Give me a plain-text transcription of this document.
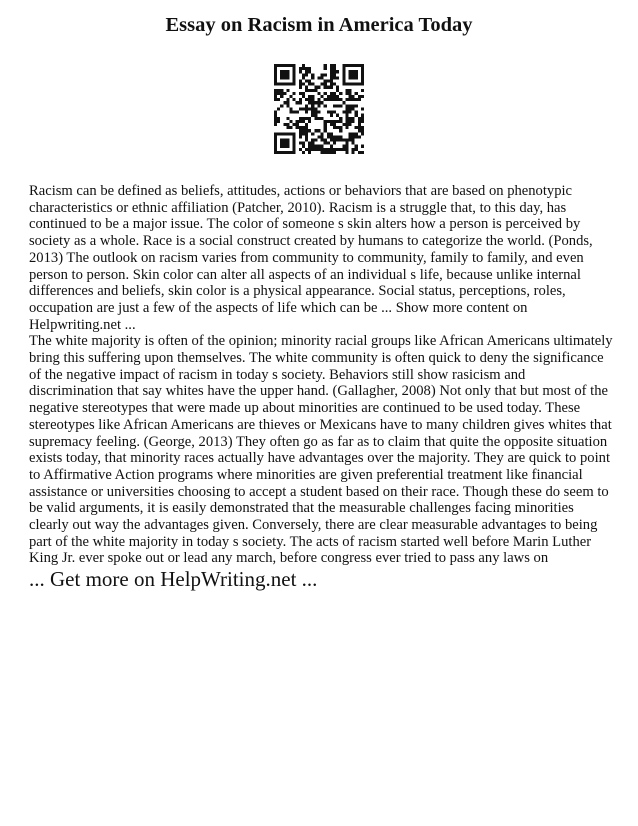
Essay on Racism in America Today

Racism can be defined as beliefs, attitudes, actions or behaviors that are based on phenotypic characteristics or ethnic affiliation (Patcher, 2010). Racism is a struggle that, to this day, has continued to be a major issue. The color of someone s skin alters how a person is perceived by society as a whole. Race is a social construct created by humans to categorize the world. (Ponds, 2013) The outlook on racism varies from community to community, family to family, and even person to person. Skin color can alter all aspects of an individual s life, because unlike internal differences and beliefs, skin color is a physical appearance. Social status, perceptions, roles, occupation are just a few of the aspects of life which can be ... Show more content on Helpwriting.net ...

The white majority is often of the opinion; minority racial groups like African Americans ultimately bring this suffering upon themselves. The white community is often quick to deny the significance of the negative impact of racism in today s society. Behaviors still show rasicism and discrimination that say whites have the upper hand. (Gallagher, 2008) Not only that but most of the negative stereotypes that were made up about minorities are continued to be used today. These stereotypes like African Americans are thieves or Mexicans have to many children gives whites that supremacy feeling. (George, 2013) They often go as far as to claim that quite the opposite situation exists today, that minority races actually have advantages over the majority. They are quick to point to Affirmative Action programs where minorities are given preferential treatment like financial assistance or universities choosing to accept a student based on their race. Though these do seem to be valid arguments, it is easily demonstrated that the measurable challenges facing minorities clearly out way the advantages given. Conversely, there are clear measurable advantages to being part of the white majority in today s society. The acts of racism started well before Marin Luther King Jr. ever spoke out or lead any march, before congress ever tried to pass any laws on

... Get more on HelpWriting.net ...
